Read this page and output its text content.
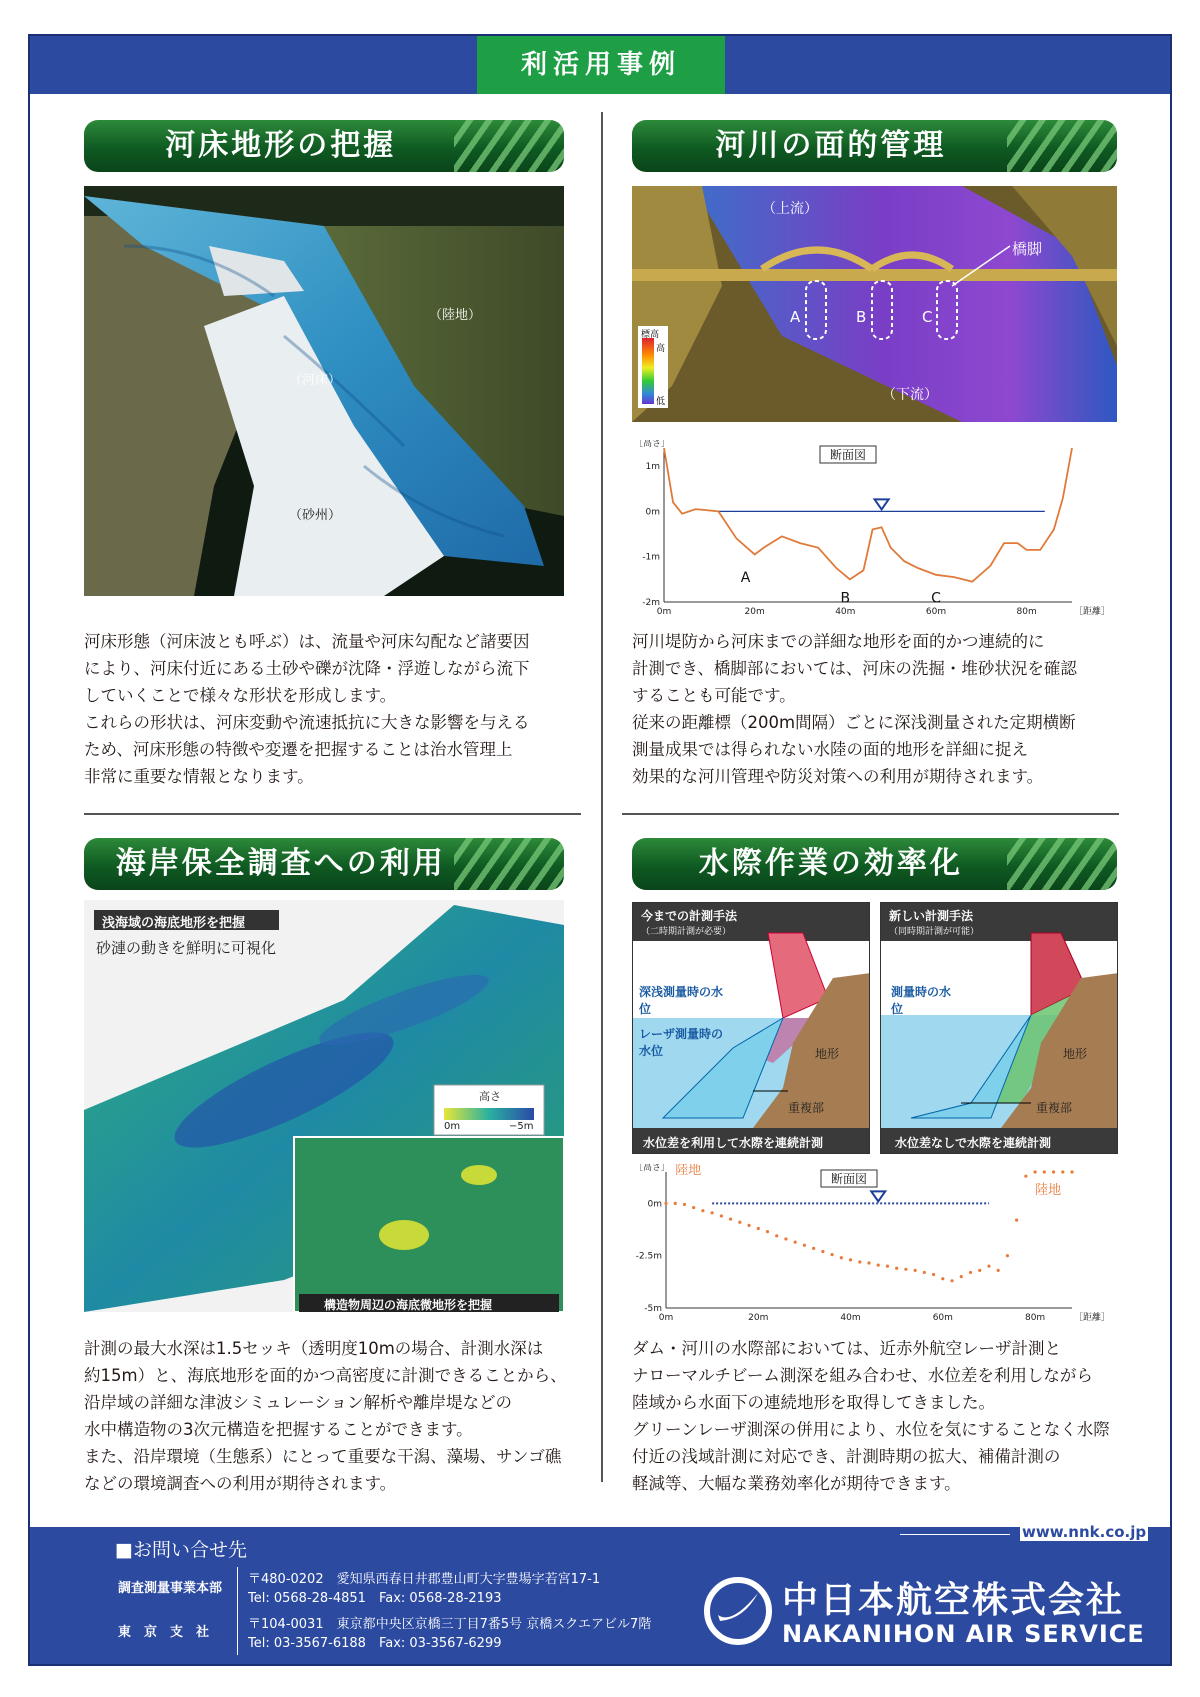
利活用事例
河床地形の把握
（陸地）
（河床）
（砂州）
河床形態（河床波とも呼ぶ）は、流量や河床勾配など諸要因
により、河床付近にある土砂や礫が沈降・浮遊しながら流下
していくことで様々な形状を形成します。
これらの形状は、河床変動や流速抵抗に大きな影響を与える
ため、河床形態の特徴や変遷を把握することは治水管理上
非常に重要な情報となります。
河川の面的管理
（上流）
（下流）
橋脚
A	B	C
標高
高
低
断面図
［高さ］
［距離］
0m	20m	40m	60m	80m
1m
0m
-1m
-2m
A
B	C
河川堤防から河床までの詳細な地形を面的かつ連続的に
計測でき、橋脚部においては、河床の洗掘・堆砂状況を確認
することも可能です。
従来の距離標（200m間隔）ごとに深浅測量された定期横断
測量成果では得られない水陸の面的地形を詳細に捉え
効果的な河川管理や防災対策への利用が期待されます。
海岸保全調査への利用
浅海域の海底地形を把握
砂漣の動きを鮮明に可視化
高さ
0m	−5m
構造物周辺の海底微地形を把握
計測の最大水深は1.5セッキ（透明度10mの場合、計測水深は
約15m）と、海底地形を面的かつ高密度に計測できることから、
沿岸域の詳細な津波シミュレーション解析や離岸堤などの
水中構造物の3次元構造を把握することができます。
また、沿岸環境（生態系）にとって重要な干潟、藻場、サンゴ礁
などの環境調査への利用が期待されます。
水際作業の効率化
今までの計測手法
（二時期計測が必要）
深浅測量時の水位
レーザ測量時の水位	地形
重複部
水位差を利用して水際を連続計測
新しい計測手法
（同時期計測が可能）
測量時の水位
地形
重複部
水位差なしで水際を連続計測
断面図
［高さ］
［距離］
0m	20m	40m	60m	80m
0m
-2.5m
-5m
陸地
陸地
ダム・河川の水際部においては、近赤外航空レーザ計測と
ナローマルチビーム測深を組み合わせ、水位差を利用しながら
陸域から水面下の連続地形を取得してきました。
グリーンレーザ測深の併用により、水位を気にすることなく水際
付近の浅域計測に対応でき、計測時期の拡大、補備計測の
軽減等、大幅な業務効率化が期待できます。
■お問い合せ先
調査測量事業本部
東　京　支　社
〒480-0202　愛知県西春日井郡豊山町大字豊場字若宮17-1
Tel: 0568-28-4851　Fax: 0568-28-2193
〒104-0031　東京都中央区京橋三丁目7番5号 京橋スクエアビル7階
Tel: 03-3567-6188　Fax: 03-3567-6299
www.nnk.co.jp
中日本航空株式会社
NAKANIHON AIR SERVICE
